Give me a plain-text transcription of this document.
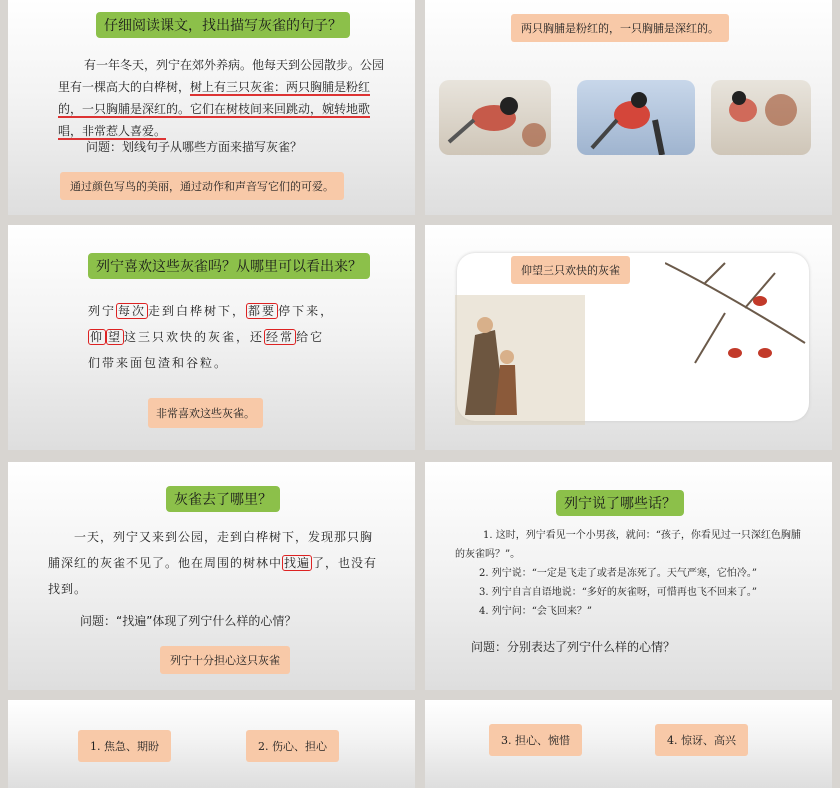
仔细阅读课文，找出描写灰雀的句子？
有一年冬天，列宁在郊外养病。他每天到公园散步。公园里有一棵高大的白桦树，树上有三只灰雀：两只胸脯是粉红的，一只胸脯是深红的。它们在树枝间来回跳动，婉转地歌唱，非常惹人喜爱。
问题：划线句子从哪些方面来描写灰雀？
通过颜色写鸟的美丽，通过动作和声音写它们的可爱。
两只胸脯是粉红的，一只胸脯是深红的。
列宁喜欢这些灰雀吗？从哪里可以看出来？
列宁 每次 走到白桦树下， 都要 停下来，仰 望 这三只欢快的灰雀，还 经常 给它们带来面包渣和谷粒。
非常喜欢这些灰雀。
仰望三只欢快的灰雀
灰雀去了哪里？
一天，列宁又来到公园，走到白桦树下，发现那只胸脯深红的灰雀不见了。他在周围的树林中 找遍 了，也没有找到。
问题：“找遍”体现了列宁什么样的心情？
列宁十分担心这只灰雀
列宁说了哪些话？
1. 这时，列宁看见一个小男孩，就问：“孩子，你看见过一只深红色胸脯的灰雀吗？”。
2. 列宁说：“一定是飞走了或者是冻死了。天气严寒，它怕冷。”
3. 列宁自言自语地说：“多好的灰雀呀，可惜再也飞不回来了。”
4. 列宁问：“会飞回来？”
问题：分别表达了列宁什么样的心情？
1. 焦急、期盼	2. 伤心、担心	3. 担心、惋惜	4. 惊讶、高兴
